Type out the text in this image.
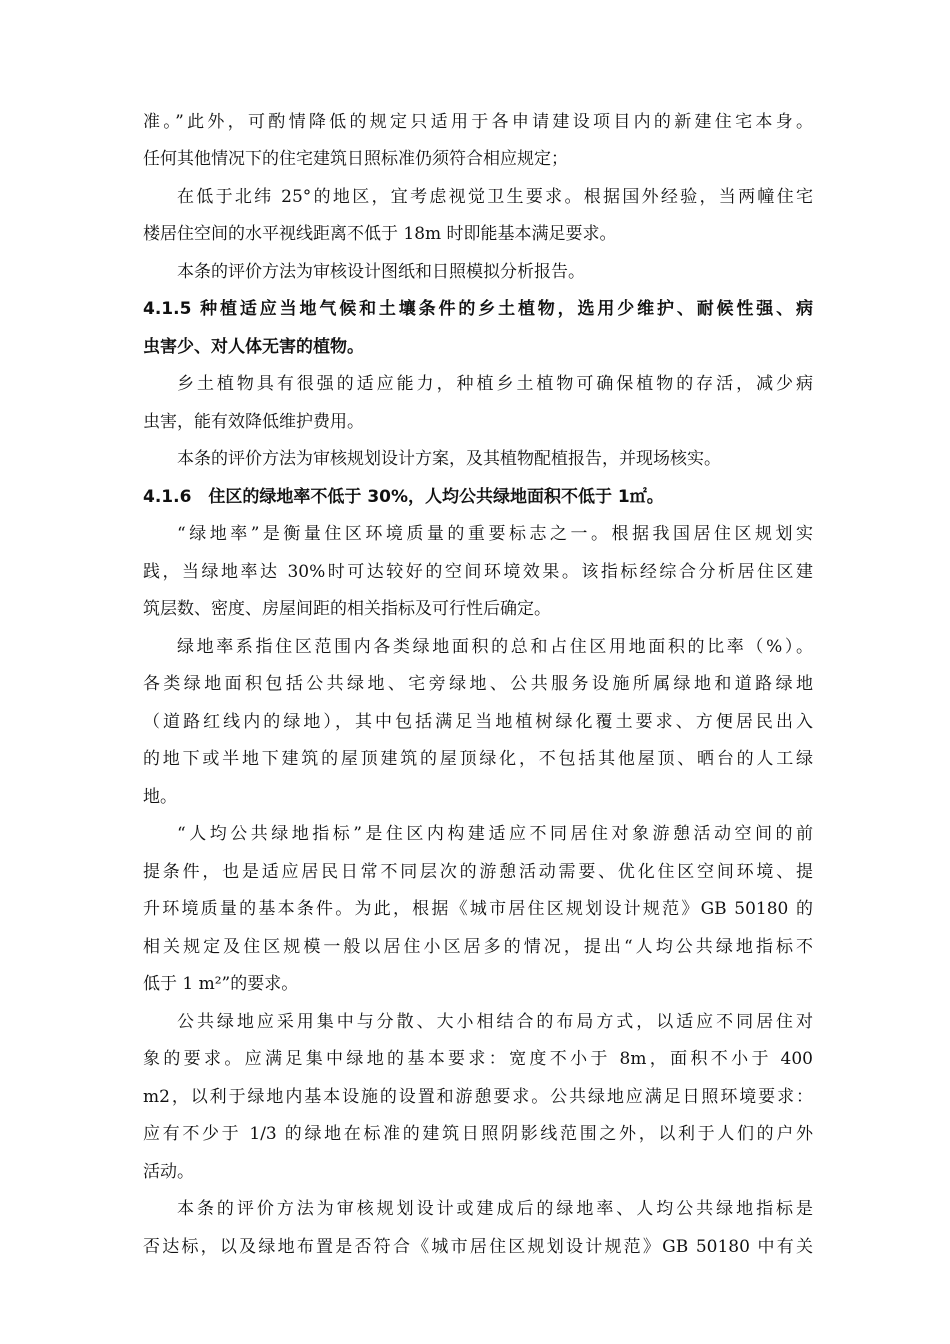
准。”此外，可酌情降低的规定只适用于各申请建设项目内的新建住宅本身。
任何其他情况下的住宅建筑日照标准仍须符合相应规定；
在低于北纬 25°的地区，宜考虑视觉卫生要求。根据国外经验，当两幢住宅
楼居住空间的水平视线距离不低于 18m 时即能基本满足要求。
本条的评价方法为审核设计图纸和日照模拟分析报告。
4.1.5 种植适应当地气候和土壤条件的乡土植物，选用少维护、耐候性强、病
虫害少、对人体无害的植物。
乡土植物具有很强的适应能力，种植乡土植物可确保植物的存活，减少病
虫害，能有效降低维护费用。
本条的评价方法为审核规划设计方案，及其植物配植报告，并现场核实。
4.1.6　住区的绿地率不低于 30%，人均公共绿地面积不低于 1㎡。
“绿地率”是衡量住区环境质量的重要标志之一。根据我国居住区规划实
践，当绿地率达 30%时可达较好的空间环境效果。该指标经综合分析居住区建
筑层数、密度、房屋间距的相关指标及可行性后确定。
绿地率系指住区范围内各类绿地面积的总和占住区用地面积的比率（%）。
各类绿地面积包括公共绿地、宅旁绿地、公共服务设施所属绿地和道路绿地
（道路红线内的绿地），其中包括满足当地植树绿化覆土要求、方便居民出入
的地下或半地下建筑的屋顶建筑的屋顶绿化，不包括其他屋顶、晒台的人工绿
地。
“人均公共绿地指标”是住区内构建适应不同居住对象游憩活动空间的前
提条件，也是适应居民日常不同层次的游憩活动需要、优化住区空间环境、提
升环境质量的基本条件。为此，根据《城市居住区规划设计规范》GB 50180 的
相关规定及住区规模一般以居住小区居多的情况，提出“人均公共绿地指标不
低于 1 m²”的要求。
公共绿地应采用集中与分散、大小相结合的布局方式，以适应不同居住对
象的要求。应满足集中绿地的基本要求：宽度不小于 8m，面积不小于 400
m2，以利于绿地内基本设施的设置和游憩要求。公共绿地应满足日照环境要求：
应有不少于 1/3 的绿地在标准的建筑日照阴影线范围之外，以利于人们的户外
活动。
本条的评价方法为审核规划设计或建成后的绿地率、人均公共绿地指标是
否达标，以及绿地布置是否符合《城市居住区规划设计规范》GB 50180 中有关
